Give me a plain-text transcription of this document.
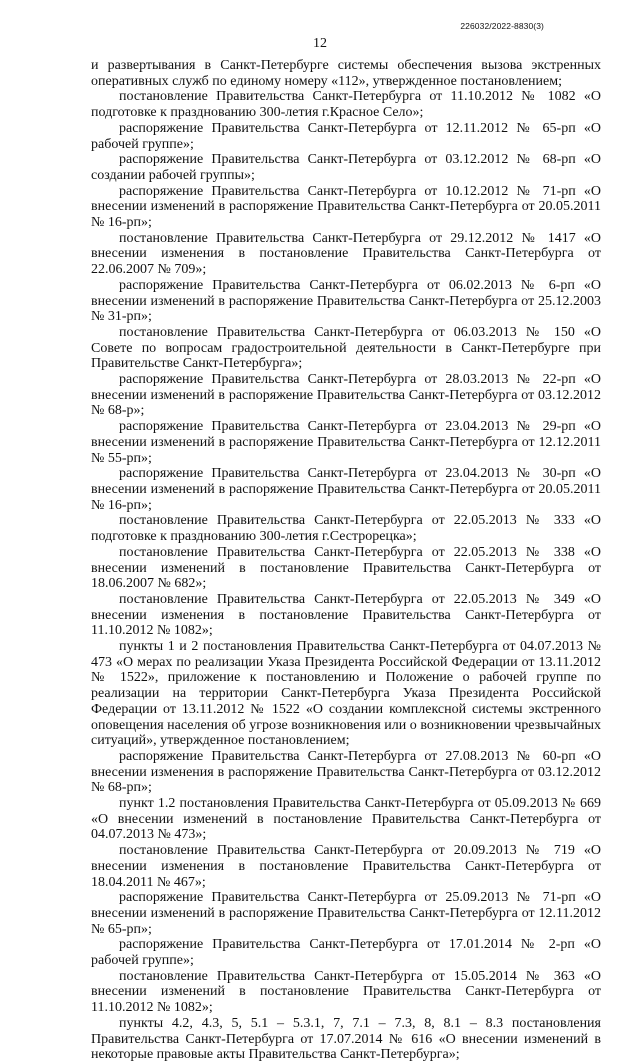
226032/2022-8830(3)
12

и развертывания в Санкт-Петербурге системы обеспечения вызова экстренных оперативных служб по единому номеру «112», утвержденное постановлением;

постановление Правительства Санкт-Петербурга от 11.10.2012 № 1082 «О подготовке к празднованию 300-летия г.Красное Село»;

распоряжение Правительства Санкт-Петербурга от 12.11.2012 № 65-рп «О рабочей группе»;

распоряжение Правительства Санкт-Петербурга от 03.12.2012 № 68-рп «О создании рабочей группы»;

распоряжение Правительства Санкт-Петербурга от 10.12.2012 № 71-рп «О внесении изменений в распоряжение Правительства Санкт-Петербурга от 20.05.2011 № 16-рп»;

постановление Правительства Санкт-Петербурга от 29.12.2012 № 1417 «О внесении изменения в постановление Правительства Санкт-Петербурга от 22.06.2007 № 709»;

распоряжение Правительства Санкт-Петербурга от 06.02.2013 № 6-рп «О внесении изменений в распоряжение Правительства Санкт-Петербурга от 25.12.2003 № 31-рп»;

постановление Правительства Санкт-Петербурга от 06.03.2013 № 150 «О Совете по вопросам градостроительной деятельности в Санкт-Петербурге при Правительстве Санкт-Петербурга»;

распоряжение Правительства Санкт-Петербурга от 28.03.2013 № 22-рп «О внесении изменений в распоряжение Правительства Санкт-Петербурга от 03.12.2012 № 68-р»;

распоряжение Правительства Санкт-Петербурга от 23.04.2013 № 29-рп «О внесении изменений в распоряжение Правительства Санкт-Петербурга от 12.12.2011 № 55-рп»;

распоряжение Правительства Санкт-Петербурга от 23.04.2013 № 30-рп «О внесении изменений в распоряжение Правительства Санкт-Петербурга от 20.05.2011 № 16-рп»;

постановление Правительства Санкт-Петербурга от 22.05.2013 № 333 «О подготовке к празднованию 300-летия г.Сестрорецка»;

постановление Правительства Санкт-Петербурга от 22.05.2013 № 338 «О внесении изменений в постановление Правительства Санкт-Петербурга от 18.06.2007 № 682»;

постановление Правительства Санкт-Петербурга от 22.05.2013 № 349 «О внесении изменения в постановление Правительства Санкт-Петербурга от 11.10.2012 № 1082»;

пункты 1 и 2 постановления Правительства Санкт-Петербурга от 04.07.2013 № 473 «О мерах по реализации Указа Президента Российской Федерации от 13.11.2012 № 1522», приложение к постановлению и Положение о рабочей группе по реализации на территории Санкт-Петербурга Указа Президента Российской Федерации от 13.11.2012 № 1522 «О создании комплексной системы экстренного оповещения населения об угрозе возникновения или о возникновении чрезвычайных ситуаций», утвержденное постановлением;

распоряжение Правительства Санкт-Петербурга от 27.08.2013 № 60-рп «О внесении изменения в распоряжение Правительства Санкт-Петербурга от 03.12.2012 № 68-рп»;

пункт 1.2 постановления Правительства Санкт-Петербурга от 05.09.2013 № 669 «О внесении изменений в постановление Правительства Санкт-Петербурга от 04.07.2013 № 473»;

постановление Правительства Санкт-Петербурга от 20.09.2013 № 719 «О внесении изменения в постановление Правительства Санкт-Петербурга от 18.04.2011 № 467»;

распоряжение Правительства Санкт-Петербурга от 25.09.2013 № 71-рп «О внесении изменений в распоряжение Правительства Санкт-Петербурга от 12.11.2012 № 65-рп»;

распоряжение Правительства Санкт-Петербурга от 17.01.2014 № 2-рп «О рабочей группе»;

постановление Правительства Санкт-Петербурга от 15.05.2014 № 363 «О внесении изменений в постановление Правительства Санкт-Петербурга от 11.10.2012 № 1082»;

пункты 4.2, 4.3, 5, 5.1 – 5.3.1, 7, 7.1 – 7.3, 8, 8.1 – 8.3 постановления Правительства Санкт-Петербурга от 17.07.2014 № 616 «О внесении изменений в некоторые правовые акты Правительства Санкт-Петербурга»;
